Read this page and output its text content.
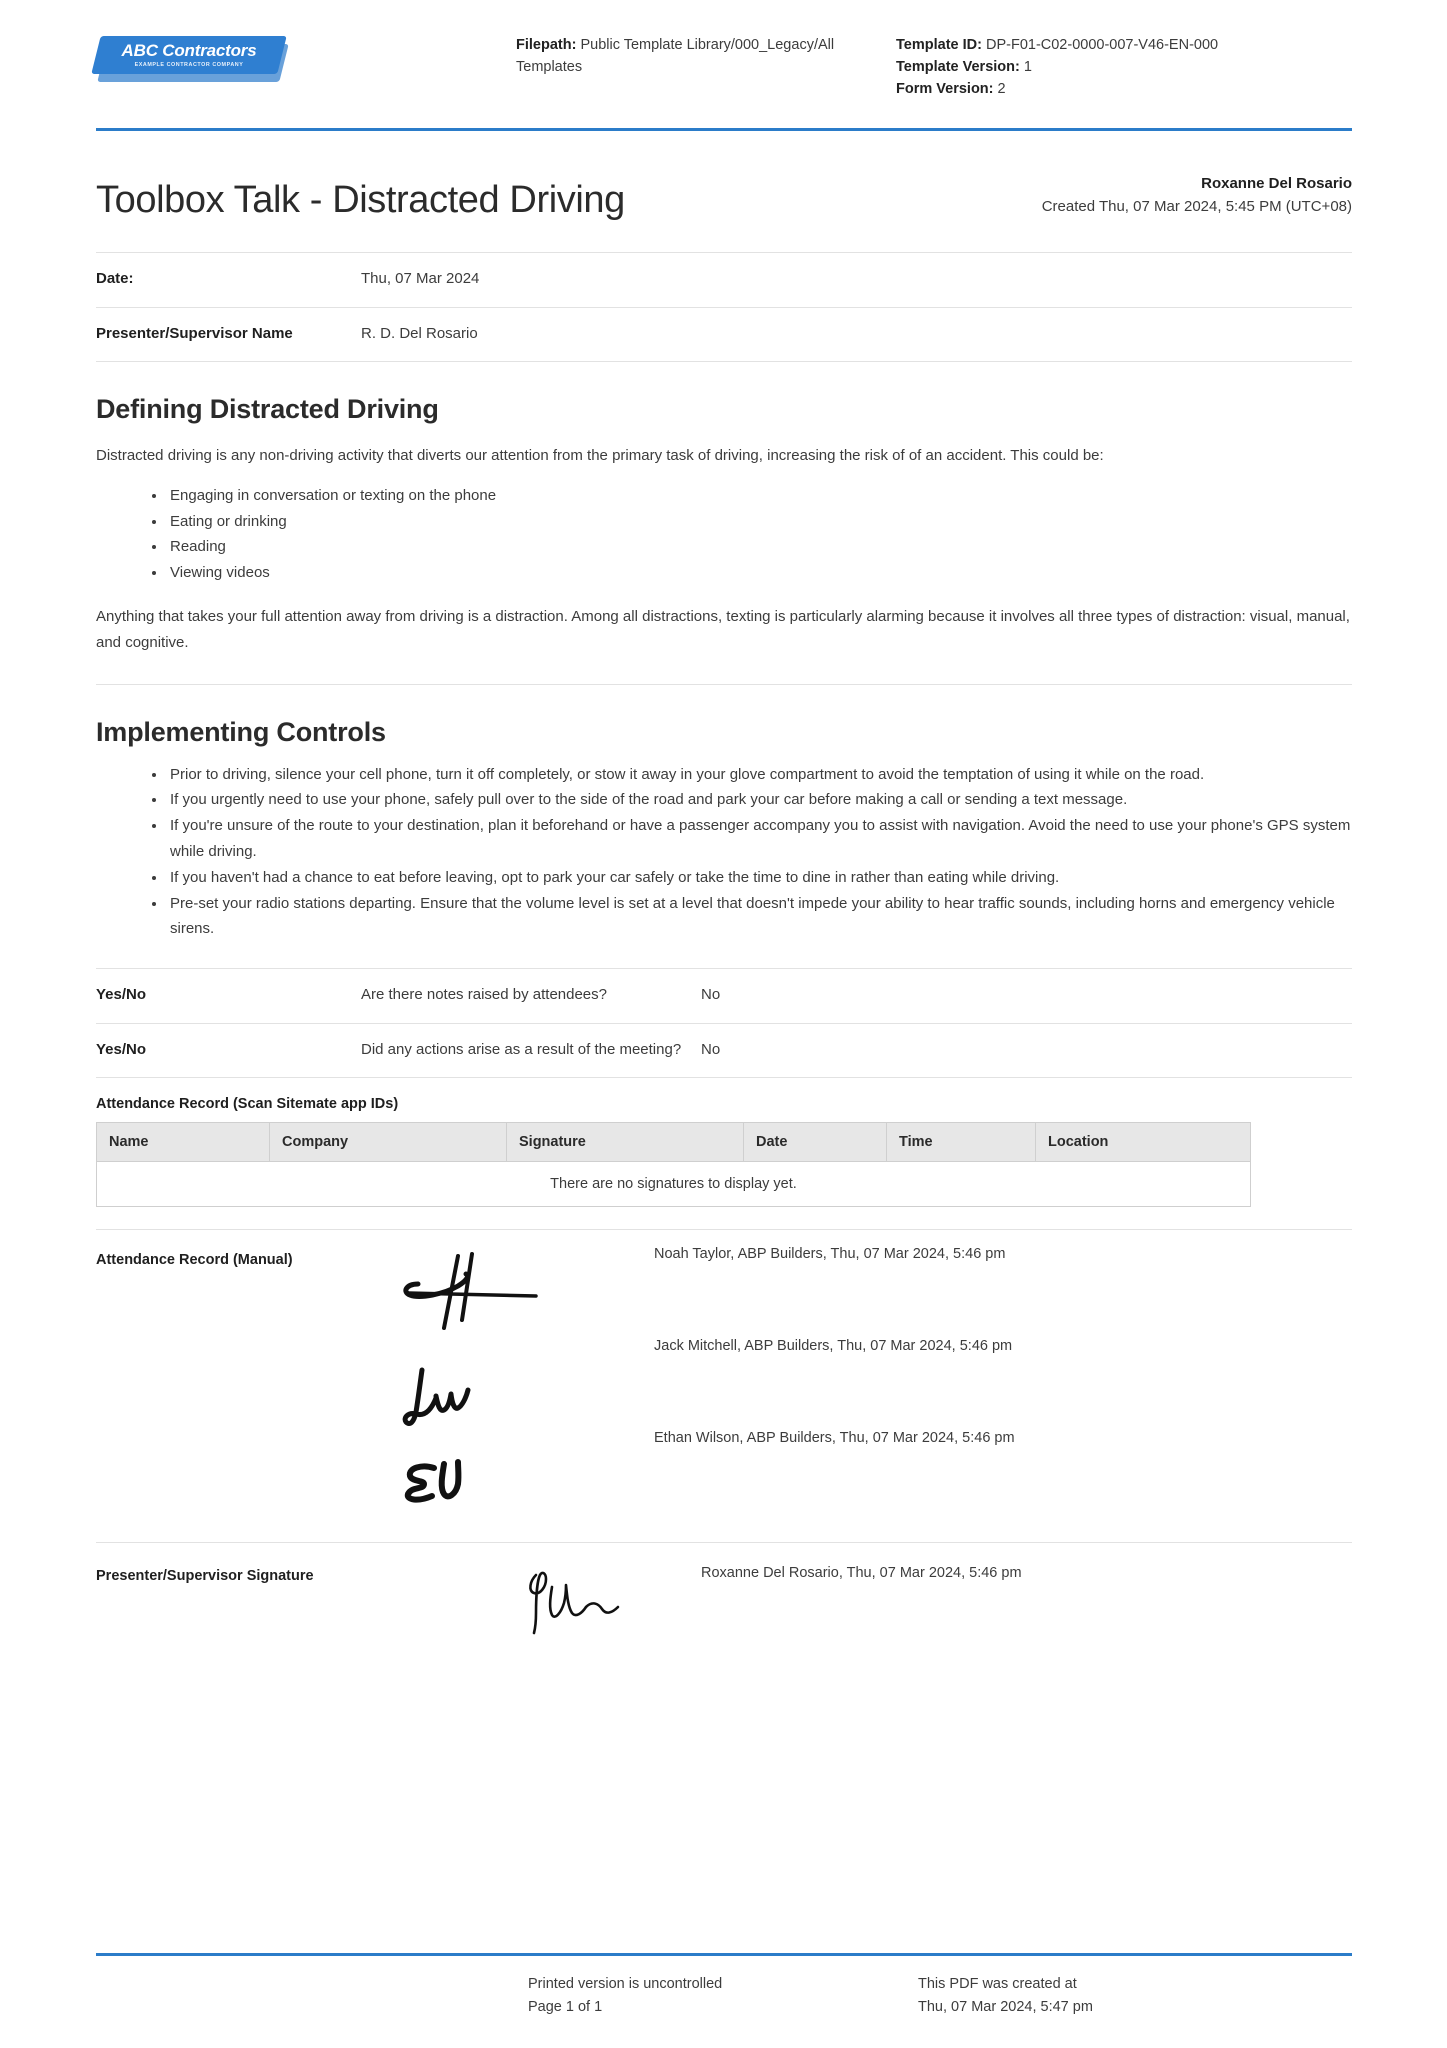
ABC Contractors
EXAMPLE CONTRACTOR COMPANY
Filepath: Public Template Library/000_Legacy/All Templates
Template ID: DP-F01-C02-0000-007-V46-EN-000
Template Version: 1
Form Version: 2
Toolbox Talk - Distracted Driving	Roxanne Del Rosario
Created Thu, 07 Mar 2024, 5:45 PM (UTC+08)
Date:	Thu, 07 Mar 2024
Presenter/Supervisor Name	R. D. Del Rosario
Defining Distracted Driving

Distracted driving is any non-driving activity that diverts our attention from the primary task of driving, increasing the risk of of an accident. This could be:

Engaging in conversation or texting on the phone
Eating or drinking
Reading
Viewing videos

Anything that takes your full attention away from driving is a distraction. Among all distractions, texting is particularly alarming because it involves all three types of distraction: visual, manual, and cognitive.

Implementing Controls
Prior to driving, silence your cell phone, turn it off completely, or stow it away in your glove compartment to avoid the temptation of using it while on the road.
If you urgently need to use your phone, safely pull over to the side of the road and park your car before making a call or sending a text message.
If you're unsure of the route to your destination, plan it beforehand or have a passenger accompany you to assist with navigation. Avoid the need to use your phone's GPS system while driving.
If you haven't had a chance to eat before leaving, opt to park your car safely or take the time to dine in rather than eating while driving.
Pre-set your radio stations departing. Ensure that the volume level is set at a level that doesn't impede your ability to hear traffic sounds, including horns and emergency vehicle sirens.
Yes/No	Are there notes raised by attendees?	No
Yes/No	Did any actions arise as a result of the meeting?	No
Attendance Record (Scan Sitemate app IDs)
Name	Company	Signature	Date	Time	Location
There are no signatures to display yet.
Attendance Record (Manual)	Noah Taylor, ABP Builders, Thu, 07 Mar 2024, 5:46 pm
Jack Mitchell, ABP Builders, Thu, 07 Mar 2024, 5:46 pm
Ethan Wilson, ABP Builders, Thu, 07 Mar 2024, 5:46 pm
Presenter/Supervisor Signature	Roxanne Del Rosario, Thu, 07 Mar 2024, 5:46 pm
Printed version is uncontrolled
Page 1 of 1
This PDF was created at
Thu, 07 Mar 2024, 5:47 pm
